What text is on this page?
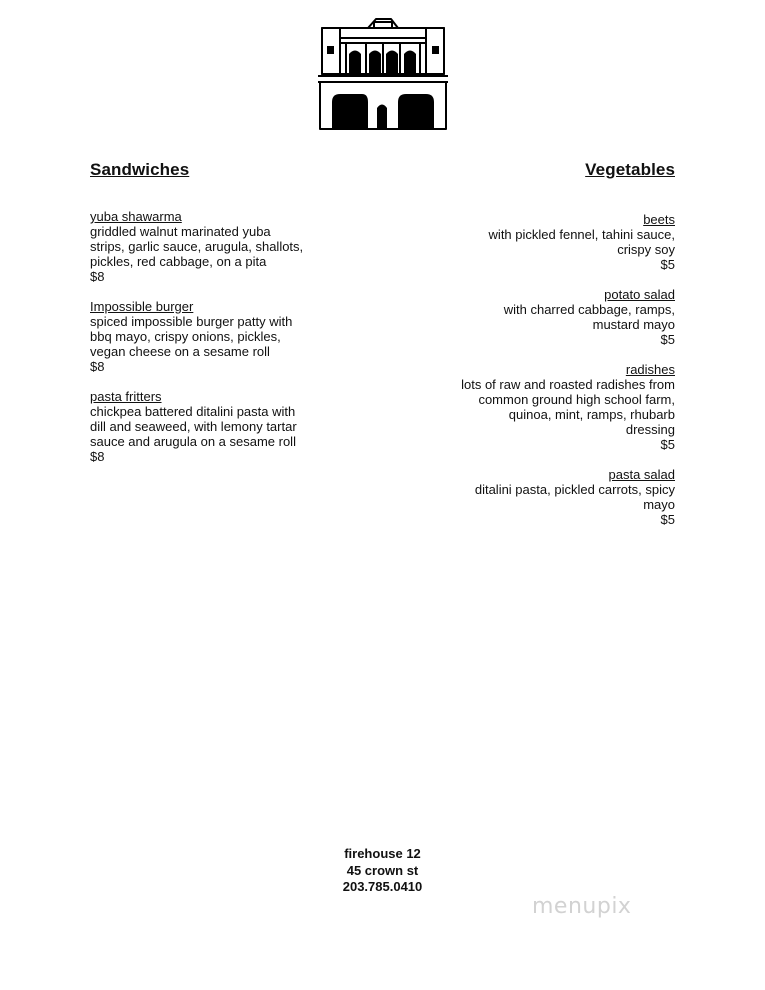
Sandwiches	Vegetables
yuba shawarma
griddled walnut marinated yuba strips, garlic sauce, arugula, shallots, pickles, red cabbage, on a pita
$8
Impossible burger
spiced impossible burger patty with bbq mayo, crispy onions, pickles, vegan cheese on a sesame roll
$8
pasta fritters
chickpea battered ditalini pasta with dill and seaweed, with lemony tartar sauce and arugula on a sesame roll
$8
beets
with pickled fennel, tahini sauce, crispy soy
$5
potato salad
with charred cabbage, ramps, mustard mayo
$5
radishes
lots of raw and roasted radishes from common ground high school farm, quinoa, mint, ramps, rhubarb dressing
$5
pasta salad
ditalini pasta, pickled carrots, spicy mayo
$5
firehouse 12
45 crown st
203.785.0410
menupix
